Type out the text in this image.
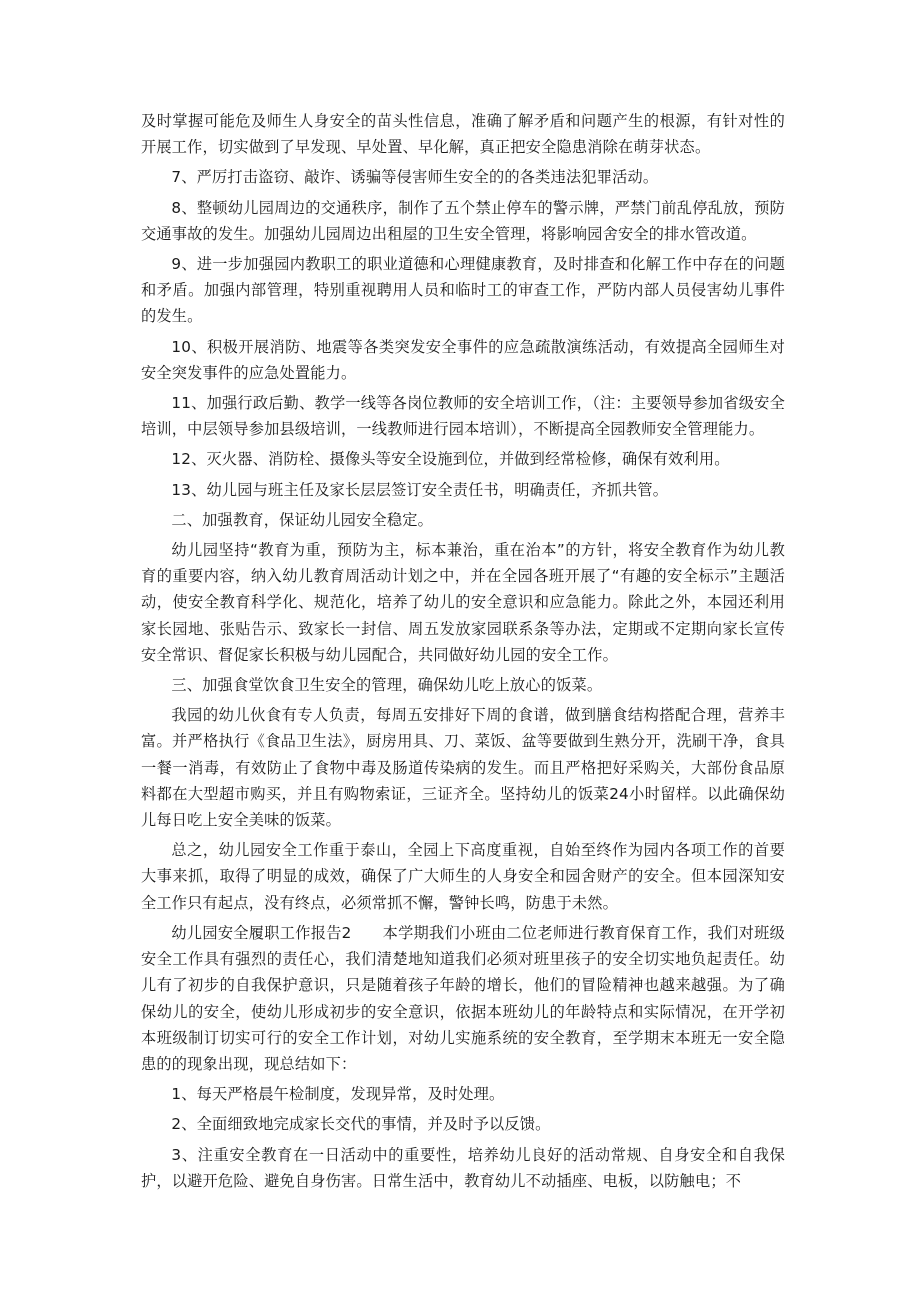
及时掌握可能危及师生人身安全的苗头性信息，准确了解矛盾和问题产生的根源，有针对性的开展工作，切实做到了早发现、早处置、早化解，真正把安全隐患消除在萌芽状态。

7、严厉打击盗窃、敲诈、诱骗等侵害师生安全的的各类违法犯罪活动。

8、整顿幼儿园周边的交通秩序，制作了五个禁止停车的警示牌，严禁门前乱停乱放，预防交通事故的发生。加强幼儿园周边出租屋的卫生安全管理，将影响园舍安全的排水管改道。

9、进一步加强园内教职工的职业道德和心理健康教育，及时排查和化解工作中存在的问题和矛盾。加强内部管理，特别重视聘用人员和临时工的审查工作，严防内部人员侵害幼儿事件的发生。

10、积极开展消防、地震等各类突发安全事件的应急疏散演练活动，有效提高全园师生对安全突发事件的应急处置能力。

11、加强行政后勤、教学一线等各岗位教师的安全培训工作，（注：主要领导参加省级安全培训，中层领导参加县级培训，一线教师进行园本培训），不断提高全园教师安全管理能力。

12、灭火器、消防栓、摄像头等安全设施到位，并做到经常检修，确保有效利用。

13、幼儿园与班主任及家长层层签订安全责任书，明确责任，齐抓共管。

二、加强教育，保证幼儿园安全稳定。

幼儿园坚持“教育为重，预防为主，标本兼治，重在治本”的方针，将安全教育作为幼儿教育的重要内容，纳入幼儿教育周活动计划之中，并在全园各班开展了“有趣的安全标示”主题活动，使安全教育科学化、规范化，培养了幼儿的安全意识和应急能力。除此之外，本园还利用家长园地、张贴告示、致家长一封信、周五发放家园联系条等办法，定期或不定期向家长宣传安全常识、督促家长积极与幼儿园配合，共同做好幼儿园的安全工作。

三、加强食堂饮食卫生安全的管理，确保幼儿吃上放心的饭菜。

我园的幼儿伙食有专人负责，每周五安排好下周的食谱，做到膳食结构搭配合理，营养丰富。并严格执行《食品卫生法》，厨房用具、刀、菜饭、盆等要做到生熟分开，洗刷干净，食具一餐一消毒，有效防止了食物中毒及肠道传染病的发生。而且严格把好采购关，大部份食品原料都在大型超市购买，并且有购物索证，三证齐全。坚持幼儿的饭菜24小时留样。以此确保幼儿每日吃上安全美味的饭菜。

总之，幼儿园安全工作重于泰山，全园上下高度重视，自始至终作为园内各项工作的首要大事来抓，取得了明显的成效，确保了广大师生的人身安全和园舍财产的安全。但本园深知安全工作只有起点，没有终点，必须常抓不懈，警钟长鸣，防患于未然。

幼儿园安全履职工作报告2　　本学期我们小班由二位老师进行教育保育工作，我们对班级安全工作具有强烈的责任心，我们清楚地知道我们必须对班里孩子的安全切实地负起责任。幼儿有了初步的自我保护意识，只是随着孩子年龄的增长，他们的冒险精神也越来越强。为了确保幼儿的安全，使幼儿形成初步的安全意识，依据本班幼儿的年龄特点和实际情况，在开学初本班级制订切实可行的安全工作计划，对幼儿实施系统的安全教育，至学期末本班无一安全隐患的的现象出现，现总结如下：

1、每天严格晨午检制度，发现异常，及时处理。

2、全面细致地完成家长交代的事情，并及时予以反馈。

3、注重安全教育在一日活动中的重要性，培养幼儿良好的活动常规、自身安全和自我保护，以避开危险、避免自身伤害。日常生活中，教育幼儿不动插座、电板，以防触电；不
